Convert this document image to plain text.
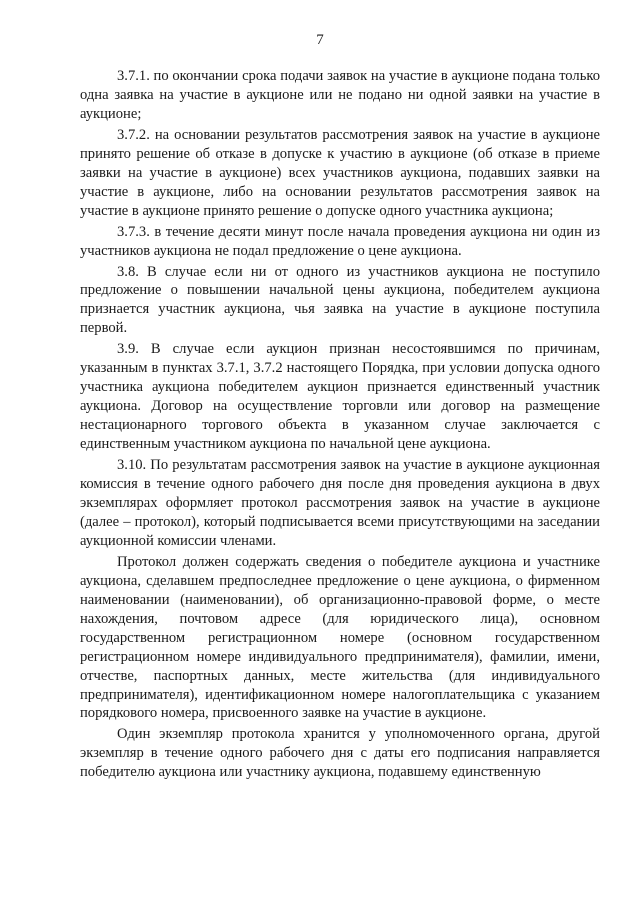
7

3.7.1. по окончании срока подачи заявок на участие в аукционе подана только одна заявка на участие в аукционе или не подано ни одной заявки на участие в аукционе;

3.7.2. на основании результатов рассмотрения заявок на участие в аукционе принято решение об отказе в допуске к участию в аукционе (об отказе в приеме заявки на участие в аукционе) всех участников аукциона, подавших заявки на участие в аукционе, либо на основании результатов рассмотрения заявок на участие в аукционе принято решение о допуске одного участника аукциона;

3.7.3. в течение десяти минут после начала проведения аукциона ни один из участников аукциона не подал предложение о цене аукциона.

3.8. В случае если ни от одного из участников аукциона не поступило предложение о повышении начальной цены аукциона, победителем аукциона признается участник аукциона, чья заявка на участие в аукционе поступила первой.

3.9. В случае если аукцион признан несостоявшимся по причинам, указанным в пунктах 3.7.1, 3.7.2 настоящего Порядка, при условии допуска одного участника аукциона победителем аукцион признается единственный участник аукциона. Договор на осуществление торговли или договор на размещение нестационарного торгового объекта в указанном случае заключается с единственным участником аукциона по начальной цене аукциона.

3.10. По результатам рассмотрения заявок на участие в аукционе аукционная комиссия в течение одного рабочего дня после дня проведения аукциона в двух экземплярах оформляет протокол рассмотрения заявок на участие в аукционе (далее – протокол), который подписывается всеми присутствующими на заседании аукционной комиссии членами.

Протокол должен содержать сведения о победителе аукциона и участнике аукциона, сделавшем предпоследнее предложение о цене аукциона, о фирменном наименовании (наименовании), об организационно-правовой форме, о месте нахождения, почтовом адресе (для юридического лица), основном государственном регистрационном номере (основном государственном регистрационном номере индивидуального предпринимателя), фамилии, имени, отчестве, паспортных данных, месте жительства (для индивидуального предпринимателя), идентификационном номере налогоплательщика с указанием порядкового номера, присвоенного заявке на участие в аукционе.

Один экземпляр протокола хранится у уполномоченного органа, другой экземпляр в течение одного рабочего дня с даты его подписания направляется победителю аукциона или участнику аукциона, подавшему единственную
